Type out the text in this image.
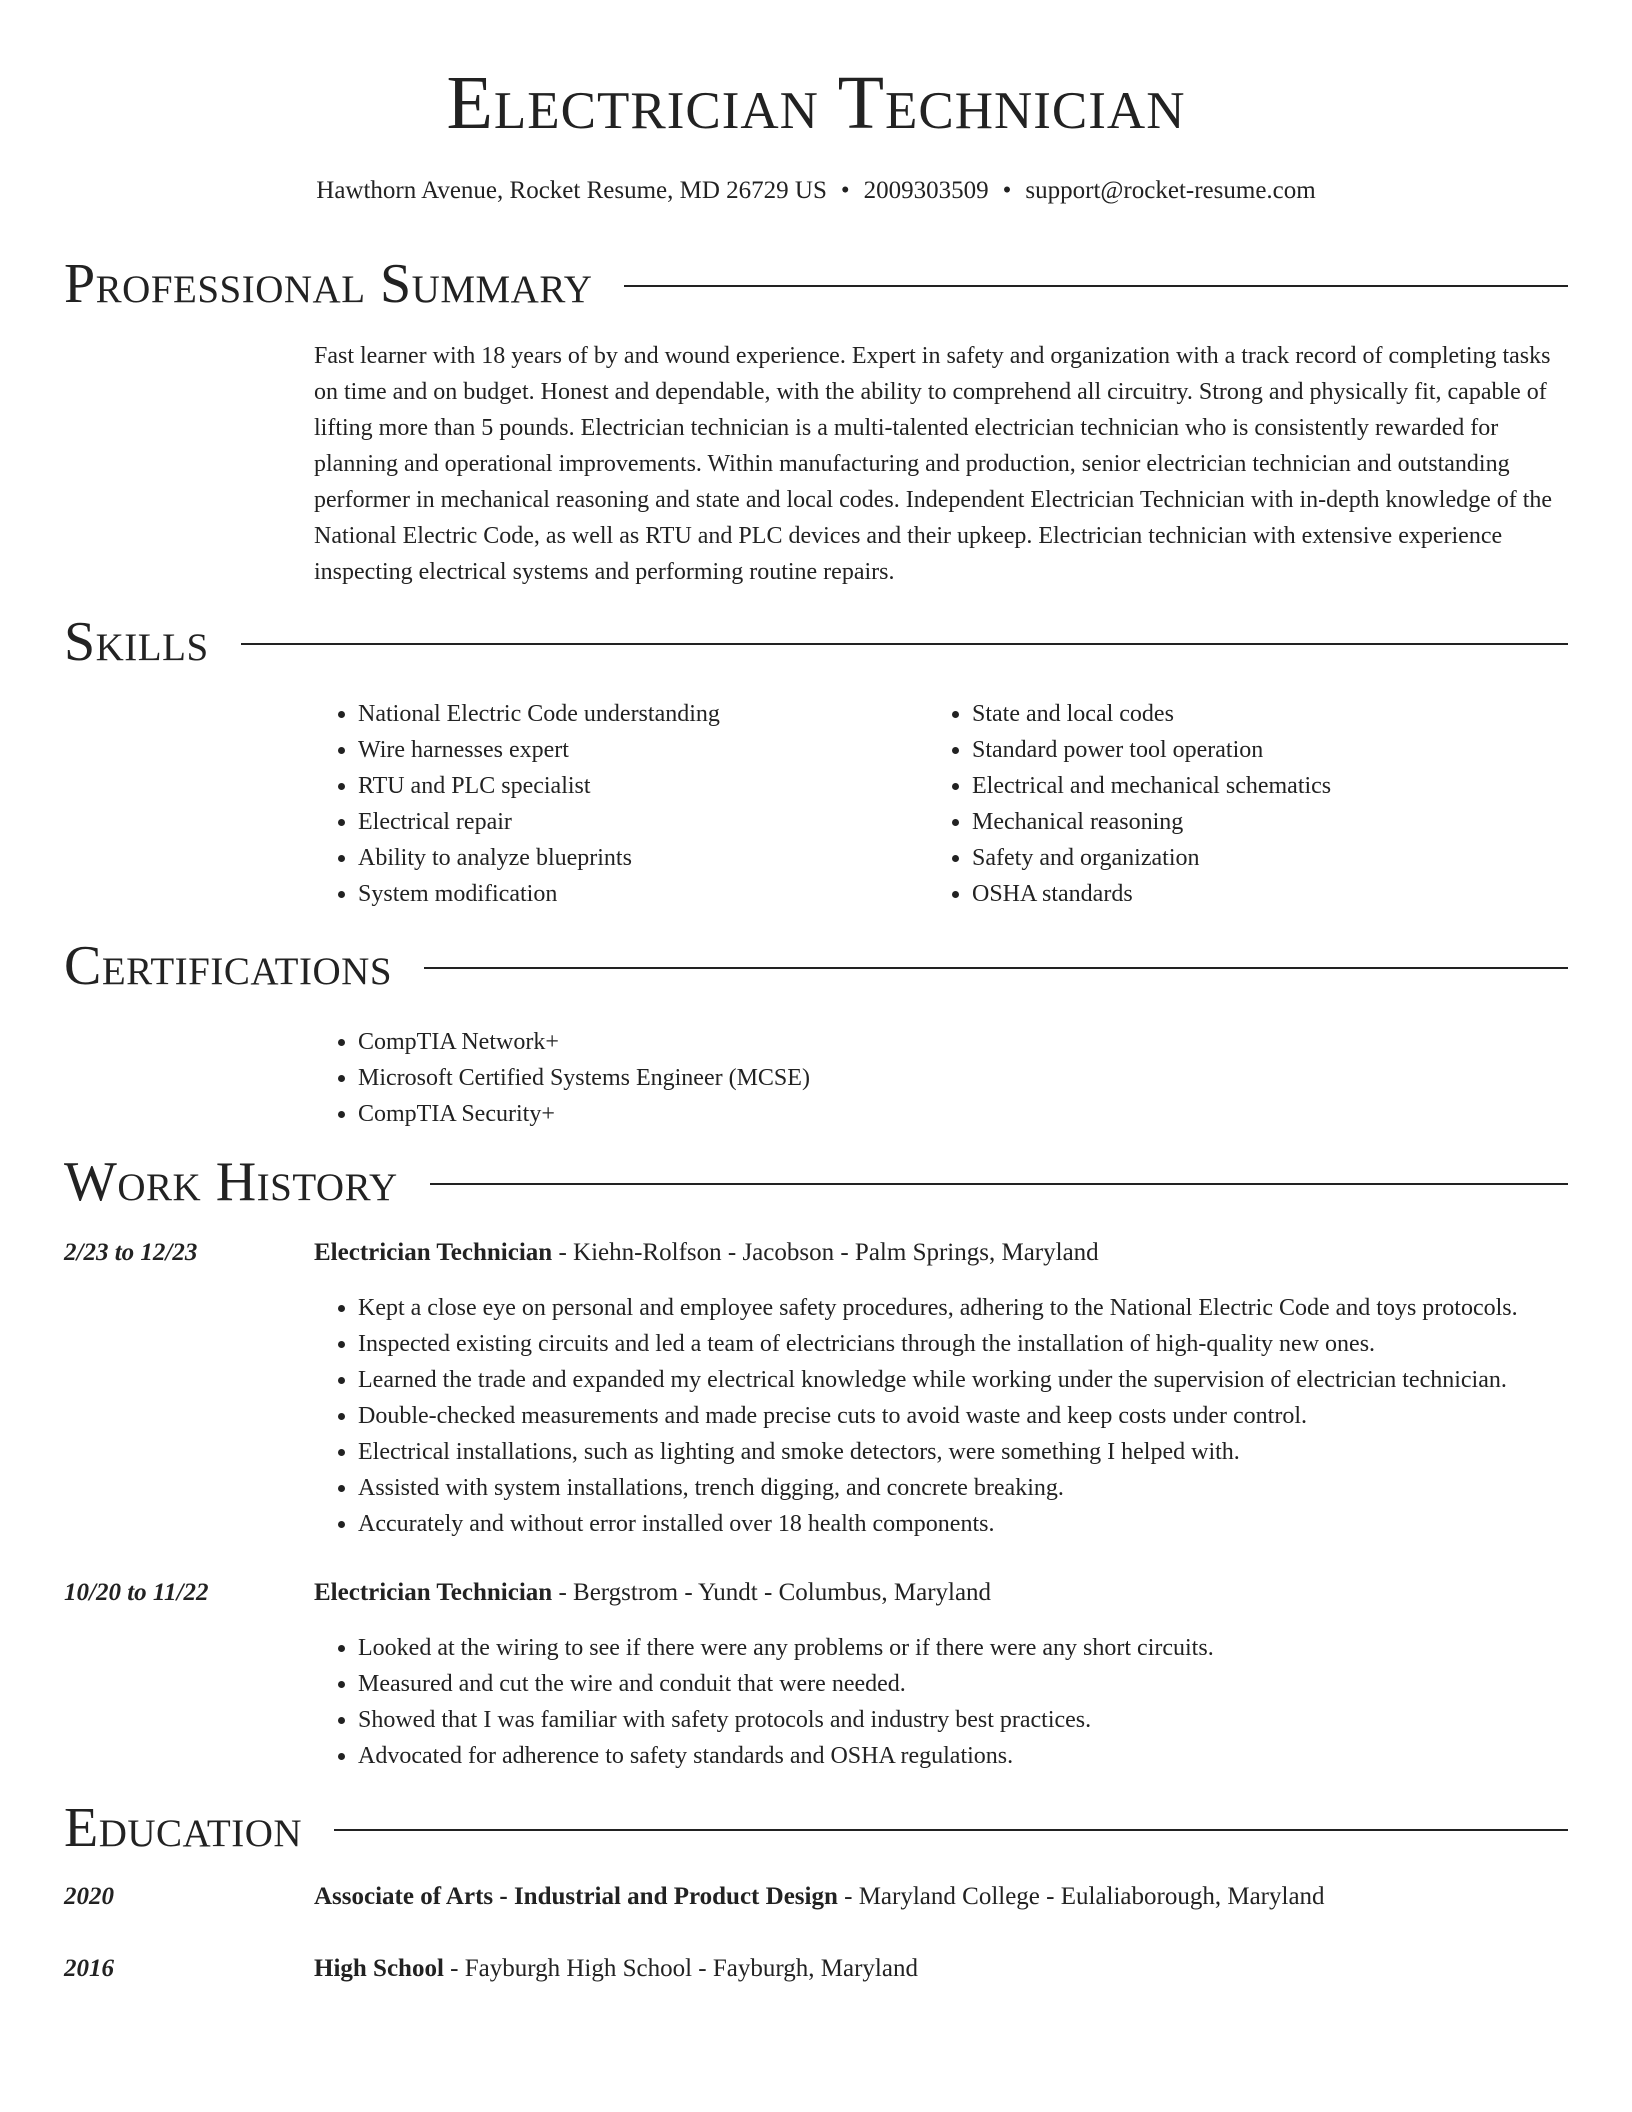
Electrician Technician
Hawthorn Avenue, Rocket Resume, MD 26729 US • 2009303509 • support@rocket-resume.com
Professional Summary
Fast learner with 18 years of by and wound experience. Expert in safety and organization with a track record of completing tasks on time and on budget. Honest and dependable, with the ability to comprehend all circuitry. Strong and physically fit, capable of lifting more than 5 pounds. Electrician technician is a multi-talented electrician technician who is consistently rewarded for planning and operational improvements. Within manufacturing and production, senior electrician technician and outstanding performer in mechanical reasoning and state and local codes. Independent Electrician Technician with in-depth knowledge of the National Electric Code, as well as RTU and PLC devices and their upkeep. Electrician technician with extensive experience inspecting electrical systems and performing routine repairs.
Skills
• National Electric Code understanding
• Wire harnesses expert
• RTU and PLC specialist
• Electrical repair
• Ability to analyze blueprints
• System modification
• State and local codes
• Standard power tool operation
• Electrical and mechanical schematics
• Mechanical reasoning
• Safety and organization
• OSHA standards
Certifications
• CompTIA Network+
• Microsoft Certified Systems Engineer (MCSE)
• CompTIA Security+
Work History
2/23 to 12/23	Electrician Technician - Kiehn-Rolfson - Jacobson - Palm Springs, Maryland
• Kept a close eye on personal and employee safety procedures, adhering to the National Electric Code and toys protocols.
• Inspected existing circuits and led a team of electricians through the installation of high-quality new ones.
• Learned the trade and expanded my electrical knowledge while working under the supervision of electrician technician.
• Double-checked measurements and made precise cuts to avoid waste and keep costs under control.
• Electrical installations, such as lighting and smoke detectors, were something I helped with.
• Assisted with system installations, trench digging, and concrete breaking.
• Accurately and without error installed over 18 health components.
10/20 to 11/22	Electrician Technician - Bergstrom - Yundt - Columbus, Maryland
• Looked at the wiring to see if there were any problems or if there were any short circuits.
• Measured and cut the wire and conduit that were needed.
• Showed that I was familiar with safety protocols and industry best practices.
• Advocated for adherence to safety standards and OSHA regulations.
Education
2020	Associate of Arts - Industrial and Product Design - Maryland College - Eulaliaborough, Maryland
2016	High School - Fayburgh High School - Fayburgh, Maryland
